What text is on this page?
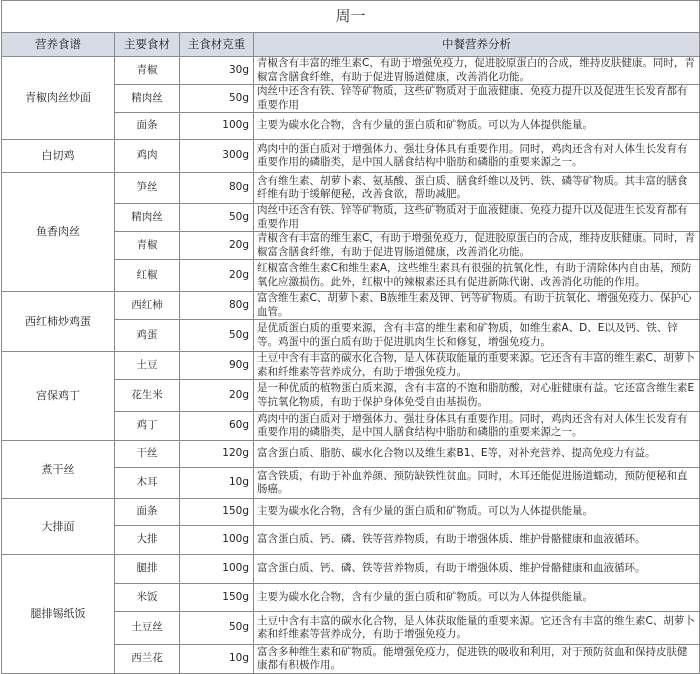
周一			
营养食谱	主要食材	主食材克重	中餐营养分析
青椒肉丝炒面	青椒	30g	青椒含有丰富的维生素C，有助于增强免疫力，促进胶原蛋白的合成，维持皮肤健康。同时，青椒富含膳食纤维，有助于促进胃肠道健康，改善消化功能。
	精肉丝	50g	肉丝中还含有铁、锌等矿物质，这些矿物质对于血液健康、免疫力提升以及促进生长发育都有重要作用
	面条	100g	主要为碳水化合物，含有少量的蛋白质和矿物质。可以为人体提供能量。
白切鸡	鸡肉	300g	鸡肉中的蛋白质对于增强体力、强壮身体具有重要作用。同时，鸡肉还含有对人体生长发育有重要作用的磷脂类，是中国人膳食结构中脂肪和磷脂的重要来源之一。
鱼香肉丝	笋丝	80g	含有维生素、胡萝卜素、氨基酸、蛋白质、膳食纤维以及钙、铁、磷等矿物质。其丰富的膳食纤维有助于缓解便秘，改善食欲，帮助减肥。
	精肉丝	50g	肉丝中还含有铁、锌等矿物质，这些矿物质对于血液健康、免疫力提升以及促进生长发育都有重要作用
	青椒	20g	青椒含有丰富的维生素C，有助于增强免疫力，促进胶原蛋白的合成，维持皮肤健康。同时，青椒富含膳食纤维，有助于促进胃肠道健康，改善消化功能。
	红椒	20g	红椒富含维生素C和维生素A，这些维生素具有很强的抗氧化性，有助于清除体内自由基，预防氧化应激损伤。此外，红椒中的辣椒素还具有促进新陈代谢、改善消化功能的作用。
西红柿炒鸡蛋	西红柿	80g	富含维生素C、胡萝卜素、B族维生素及钾、钙等矿物质。有助于抗氧化、增强免疫力、保护心血管。
	鸡蛋	50g	是优质蛋白质的重要来源，含有丰富的维生素和矿物质，如维生素A、D、E以及钙、铁、锌等。鸡蛋中的蛋白质有助于促进肌肉生长和修复，增强免疫力。
宫保鸡丁	土豆	90g	土豆中含有丰富的碳水化合物，是人体获取能量的重要来源。它还含有丰富的维生素C、胡萝卜素和纤维素等营养成分，有助于增强免疫力。
	花生米	20g	是一种优质的植物蛋白质来源，含有丰富的不饱和脂肪酸，对心脏健康有益。它还富含维生素E等抗氧化物质，有助于保护身体免受自由基损伤。
	鸡丁	60g	鸡肉中的蛋白质对于增强体力、强壮身体具有重要作用。同时，鸡肉还含有对人体生长发育有重要作用的磷脂类，是中国人膳食结构中脂肪和磷脂的重要来源之一。
煮干丝	干丝	120g	富含蛋白质、脂肪、碳水化合物以及维生素B1、E等，对补充营养、提高免疫力有益。
	木耳	10g	富含铁质，有助于补血养颜、预防缺铁性贫血。同时，木耳还能促进肠道蠕动，预防便秘和直肠癌。
大排面	面条	150g	主要为碳水化合物，含有少量的蛋白质和矿物质。可以为人体提供能量。
	大排	100g	富含蛋白质、钙、磷、铁等营养物质，有助于增强体质、维护骨骼健康和血液循环。
腿排锡纸饭	腿排	100g	富含蛋白质、钙、磷、铁等营养物质，有助于增强体质、维护骨骼健康和血液循环。
	米饭	150g	主要为碳水化合物，含有少量的蛋白质和矿物质。可以为人体提供能量。
	土豆丝	50g	土豆中含有丰富的碳水化合物，是人体获取能量的重要来源。它还含有丰富的维生素C、胡萝卜素和纤维素等营养成分，有助于增强免疫力。
	西兰花	10g	富含多种维生素和矿物质。能增强免疫力，促进铁的吸收和利用，对于预防贫血和保持皮肤健康都有积极作用。
